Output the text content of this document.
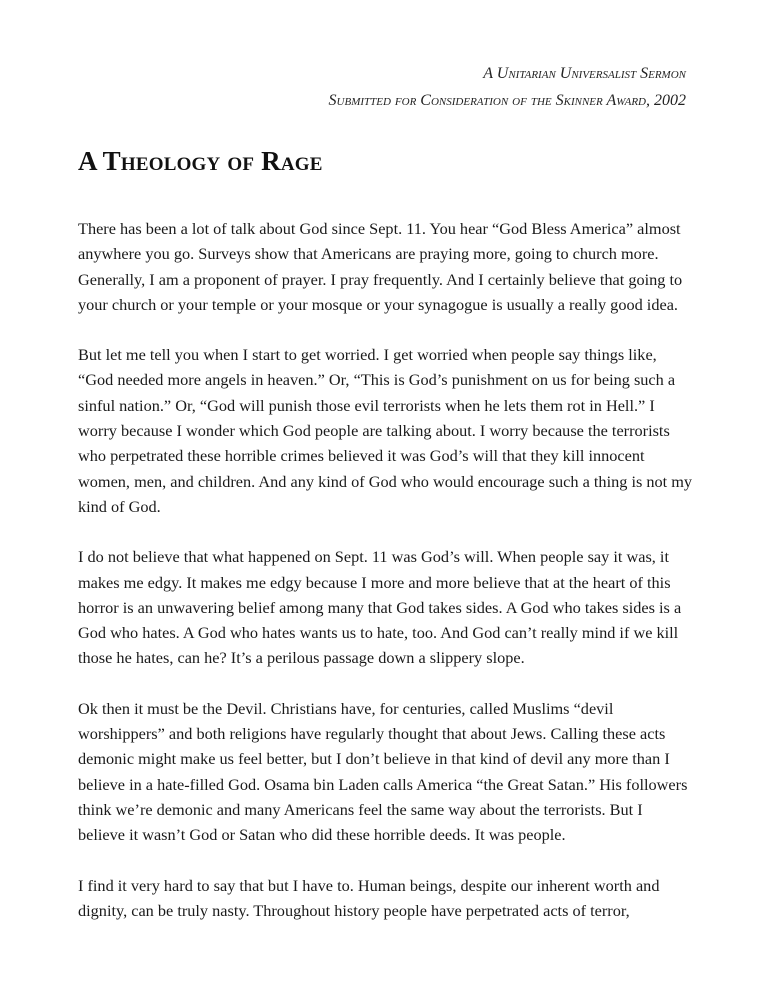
A Unitarian Universalist Sermon
Submitted for Consideration of the Skinner Award, 2002
A Theology of Rage

There has been a lot of talk about God since Sept. 11. You hear “God Bless America” almost anywhere you go. Surveys show that Americans are praying more, going to church more. Generally, I am a proponent of prayer. I pray frequently. And I certainly believe that going to your church or your temple or your mosque or your synagogue is usually a really good idea.

But let me tell you when I start to get worried. I get worried when people say things like, “God needed more angels in heaven.” Or, “This is God’s punishment on us for being such a sinful nation.” Or, “God will punish those evil terrorists when he lets them rot in Hell.” I worry because I wonder which God people are talking about. I worry because the terrorists who perpetrated these horrible crimes believed it was God’s will that they kill innocent women, men, and children. And any kind of God who would encourage such a thing is not my kind of God.

I do not believe that what happened on Sept. 11 was God’s will. When people say it was, it makes me edgy. It makes me edgy because I more and more believe that at the heart of this horror is an unwavering belief among many that God takes sides. A God who takes sides is a God who hates. A God who hates wants us to hate, too. And God can’t really mind if we kill those he hates, can he? It’s a perilous passage down a slippery slope.

Ok then it must be the Devil. Christians have, for centuries, called Muslims “devil worshippers” and both religions have regularly thought that about Jews. Calling these acts demonic might make us feel better, but I don’t believe in that kind of devil any more than I believe in a hate-filled God. Osama bin Laden calls America “the Great Satan.” His followers think we’re demonic and many Americans feel the same way about the terrorists. But I believe it wasn’t God or Satan who did these horrible deeds. It was people.

I find it very hard to say that but I have to. Human beings, despite our inherent worth and dignity, can be truly nasty. Throughout history people have perpetrated acts of terror,
